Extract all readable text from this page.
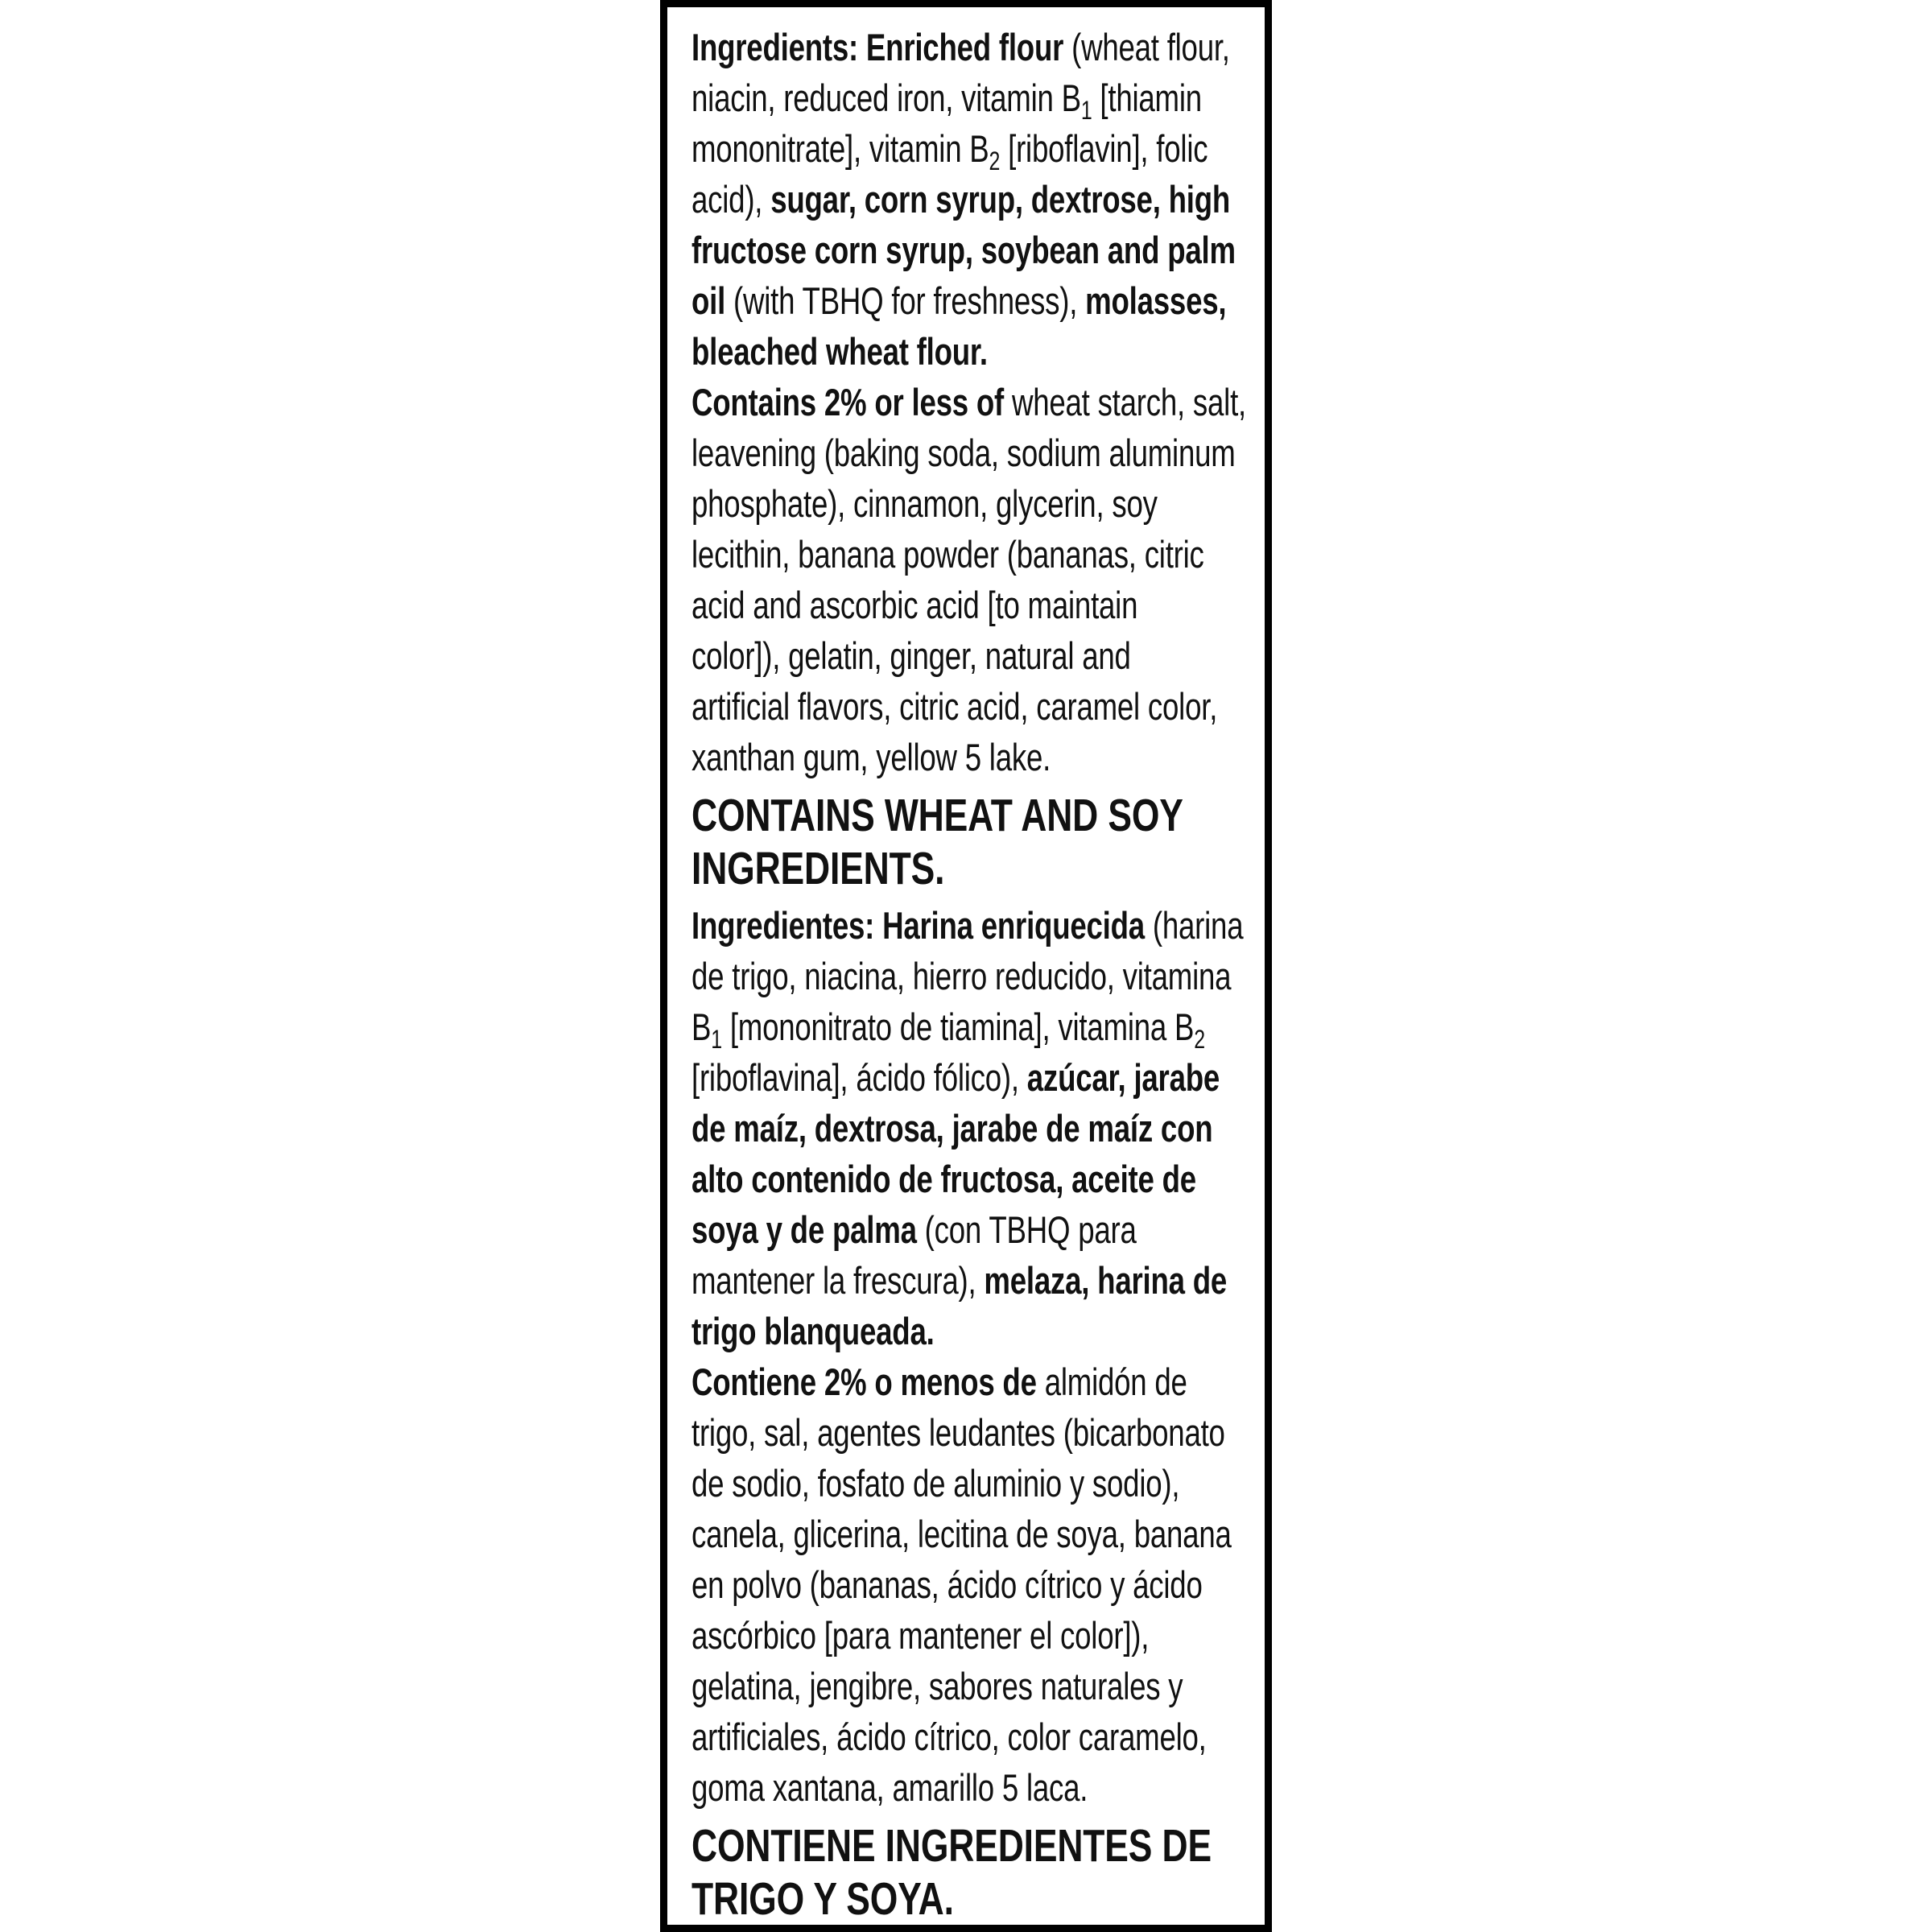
Ingredients: Enriched flour (wheat flour,
niacin, reduced iron, vitamin $B_1$ [thiamin
mononitrate], vitamin $B_2$ [riboflavin], folic
acid), sugar, corn syrup, dextrose, high
fructose corn syrup, soybean and palm
oil (with TBHQ for freshness), molasses,
bleached wheat flour.
Contains 2% or less of wheat starch, salt,
leavening (baking soda, sodium aluminum
phosphate), cinnamon, glycerin, soy
lecithin, banana powder (bananas, citric
acid and ascorbic acid [to maintain
color]), gelatin, ginger, natural and
artificial flavors, citric acid, caramel color,
xanthan gum, yellow 5 lake.
CONTAINS WHEAT AND SOY
INGREDIENTS.
Ingredientes: Harina enriquecida (harina
de trigo, niacina, hierro reducido, vitamina
$B_1$ [mononitrato de tiamina], vitamina $B_2$
[riboflavina], ácido fólico), azúcar, jarabe
de maíz, dextrosa, jarabe de maíz con
alto contenido de fructosa, aceite de
soya y de palma (con TBHQ para
mantener la frescura), melaza, harina de
trigo blanqueada.
Contiene 2% o menos de almidón de
trigo, sal, agentes leudantes (bicarbonato
de sodio, fosfato de aluminio y sodio),
canela, glicerina, lecitina de soya, banana
en polvo (bananas, ácido cítrico y ácido
ascórbico [para mantener el color]),
gelatina, jengibre, sabores naturales y
artificiales, ácido cítrico, color caramelo,
goma xantana, amarillo 5 laca.
CONTIENE INGREDIENTES DE
TRIGO Y SOYA.
